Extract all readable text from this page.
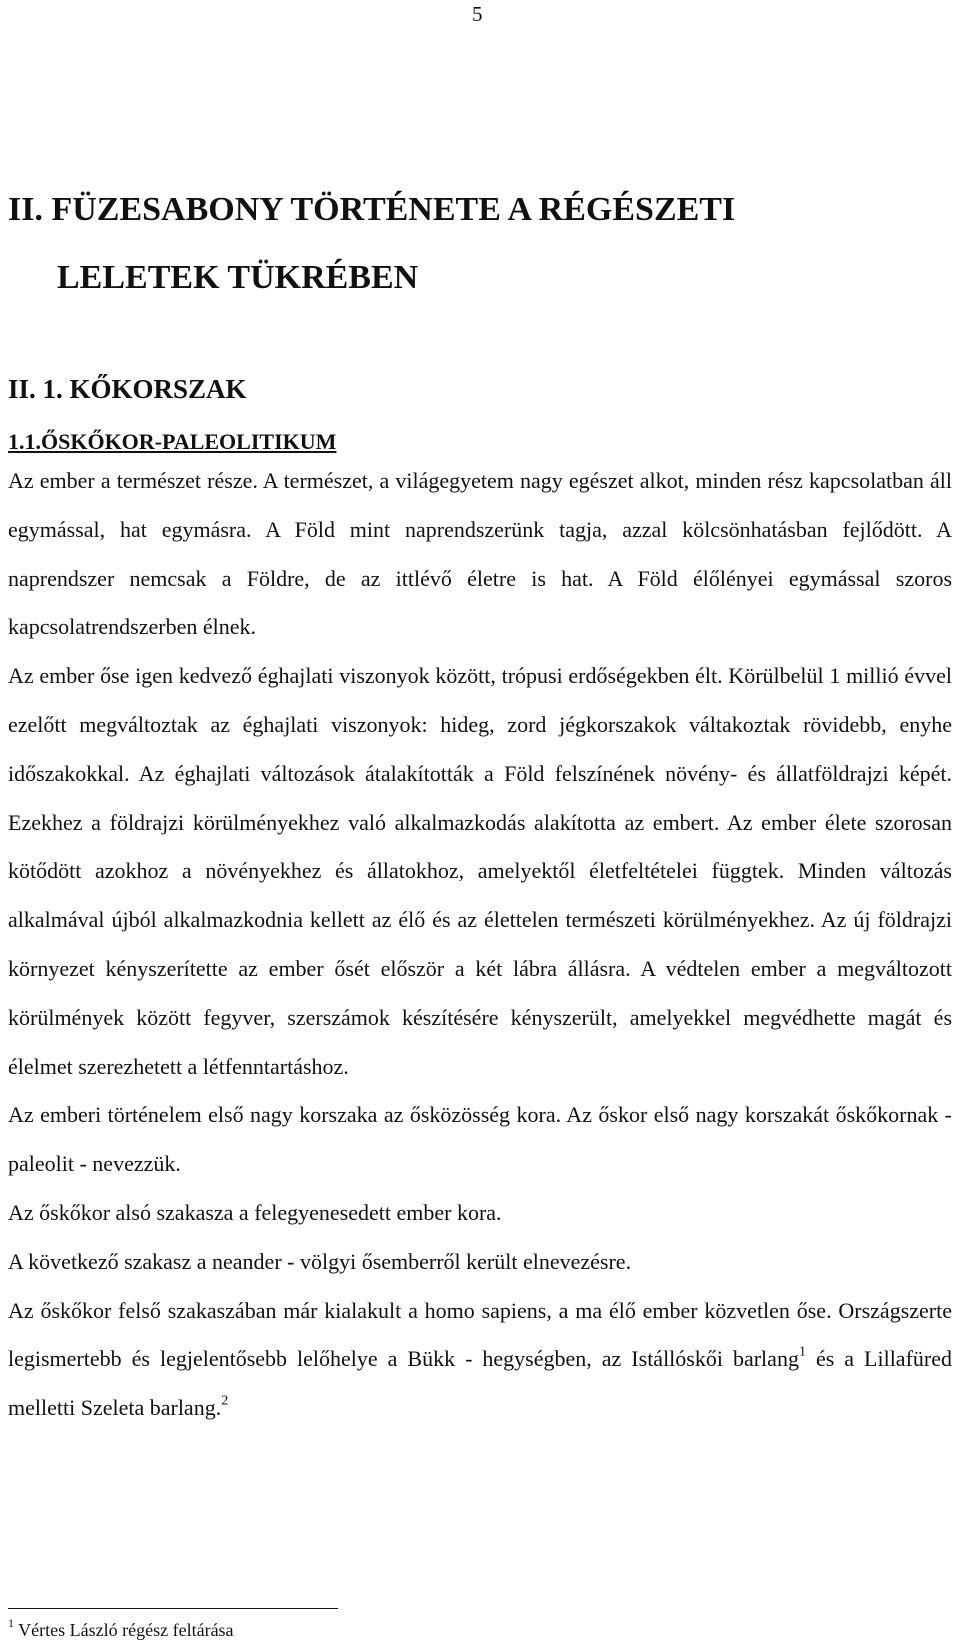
5
II. FÜZESABONY TÖRTÉNETE A RÉGÉSZETI
LELETEK TÜKRÉBEN
II. 1. KŐKORSZAK
1.1.ŐSKŐKOR-PALEOLITIKUM

Az ember a természet része. A természet, a világegyetem nagy egészet alkot, minden rész kapcsolatban áll egymással, hat egymásra. A Föld mint naprendszerünk tagja, azzal kölcsönhatásban fejlődött. A naprendszer nemcsak a Földre, de az ittlévő életre is hat. A Föld élőlényei egymással szoros kapcsolatrendszerben élnek.

Az ember őse igen kedvező éghajlati viszonyok között, trópusi erdőségekben élt. Körülbelül 1 millió évvel ezelőtt megváltoztak az éghajlati viszonyok: hideg, zord jégkorszakok váltakoztak rövidebb, enyhe időszakokkal. Az éghajlati változások átalakították a Föld felszínének növény- és állatföldrajzi képét. Ezekhez a földrajzi körülményekhez való alkalmazkodás alakította az embert. Az ember élete szorosan kötődött azokhoz a növényekhez és állatokhoz, amelyektől életfeltételei függtek. Minden változás alkalmával újból alkalmazkodnia kellett az élő és az élettelen természeti körülményekhez. Az új földrajzi környezet kényszerítette az ember ősét először a két lábra állásra. A védtelen ember a megváltozott körülmények között fegyver, szerszámok készítésére kényszerült, amelyekkel megvédhette magát és élelmet szerezhetett a létfenntartáshoz.

Az emberi történelem első nagy korszaka az ősközösség kora. Az őskor első nagy korszakát őskőkornak - paleolit - nevezzük.

Az őskőkor alsó szakasza a felegyenesedett ember kora.

A következő szakasz a neander - völgyi ősemberről került elnevezésre.

Az őskőkor felső szakaszában már kialakult a homo sapiens, a ma élő ember közvetlen őse. Országszerte legismertebb és legjelentősebb lelőhelye a Bükk - hegységben, az Istállóskői barlang$^1$ és a Lillafüred melletti Szeleta barlang.$^2$

$^1$ Vértes László régész feltárása
